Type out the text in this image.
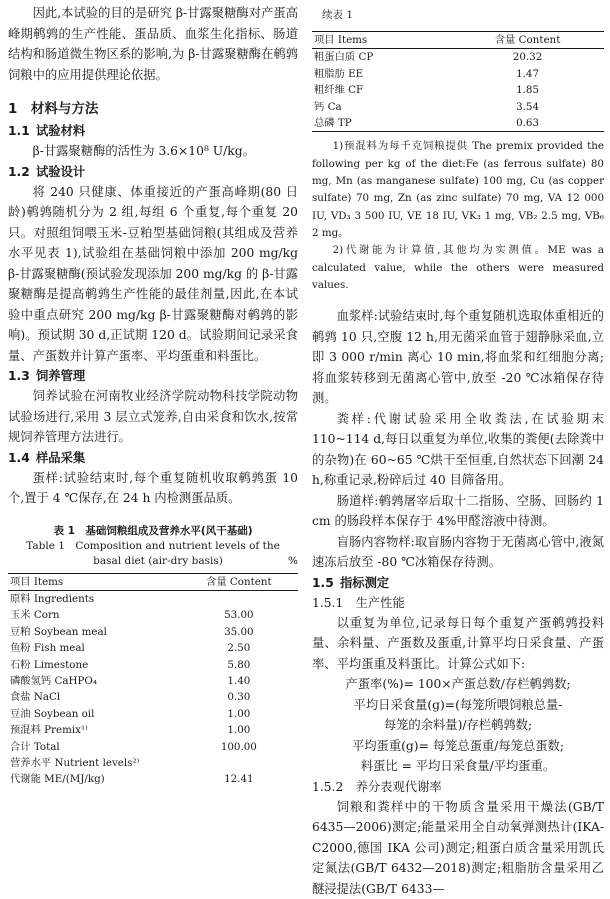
因此,本试验的目的是研究 β-甘露聚糖酶对产蛋高峰期鹌鹑的生产性能、蛋品质、血浆生化指标、肠道结构和肠道微生物区系的影响,为 β-甘露聚糖酶在鹌鹑饲粮中的应用提供理论依据。
1　材料与方法
1.1 试验材料
β-甘露聚糖酶的活性为 3.6×10⁸ U/kg。
1.2 试验设计
将 240 只健康、体重接近的产蛋高峰期(80 日龄)鹌鹑随机分为 2 组,每组 6 个重复,每个重复 20 只。对照组饲喂玉米-豆粕型基础饲粮(其组成及营养水平见表 1),试验组在基础饲粮中添加 200 mg/kg β-甘露聚糖酶(预试验发现添加 200 mg/kg 的 β-甘露聚糖酶是提高鹌鹑生产性能的最佳剂量,因此,在本试验中重点研究 200 mg/kg β-甘露聚糖酶对鹌鹑的影响)。预试期 30 d,正试期 120 d。试验期间记录采食量、产蛋数并计算产蛋率、平均蛋重和料蛋比。
1.3 饲养管理
饲养试验在河南牧业经济学院动物科技学院动物试验场进行,采用 3 层立式笼养,自由采食和饮水,按常规饲养管理方法进行。
1.4 样品采集
蛋样:试验结束时,每个重复随机收取鹌鹑蛋 10 个,置于 4 ℃保存,在 24 h 内检测蛋品质。
表 1　基础饲粮组成及营养水平(风干基础)
Table 1　Composition and nutrient levels of the
basal diet (air-dry basis)	%
项目 Items	含量 Content
原料 Ingredients	
玉米 Corn	53.00
豆粕 Soybean meal	35.00
鱼粉 Fish meal	2.50
石粉 Limestone	5.80
磷酸氢钙 CaHPO₄	1.40
食盐 NaCl	0.30
豆油 Soybean oil	1.00
预混料 Premix¹⁾	1.00
合计 Total	100.00
营养水平 Nutrient levels²⁾	
代谢能 ME/(MJ/kg)	12.41
续表 1
项目 Items	含量 Content
粗蛋白质 CP	20.32
粗脂肪 EE	1.47
粗纤维 CF	1.85
钙 Ca	3.54
总磷 TP	0.63
1)预混料为每千克饲粮提供 The premix provided the following per kg of the diet:Fe (as ferrous sulfate) 80 mg, Mn (as manganese sulfate) 100 mg, Cu (as copper sulfate) 70 mg, Zn (as zinc sulfate) 70 mg, VA 12 000 IU, VD₃ 3 500 IU, VE 18 IU, VK₃ 1 mg, VB₂ 2.5 mg, VB₆ 2 mg。
2)代谢能为计算值,其他均为实测值。ME was a calculated value, while the others were measured values.
血浆样:试验结束时,每个重复随机选取体重相近的鹌鹑 10 只,空腹 12 h,用无菌采血管于翅静脉采血,立即 3 000 r/min 离心 10 min,将血浆和红细胞分离;将血浆转移到无菌离心管中,放至 -20 ℃冰箱保存待测。
粪样:代谢试验采用全收粪法,在试验期末 110~114 d,每日以重复为单位,收集的粪便(去除粪中的杂物)在 60~65 ℃烘干至恒重,自然状态下回潮 24 h,称重记录,粉碎后过 40 目筛备用。
肠道样:鹌鹑屠宰后取十二指肠、空肠、回肠约 1 cm 的肠段样本保存于 4%甲醛溶液中待测。
盲肠内容物样:取盲肠内容物于无菌离心管中,液氮速冻后放至 -80 ℃冰箱保存待测。
1.5 指标测定
1.5.1　生产性能
以重复为单位,记录每日每个重复产蛋鹌鹑投料量、余料量、产蛋数及蛋重,计算平均日采食量、产蛋率、平均蛋重及料蛋比。计算公式如下:
产蛋率(%)= 100×产蛋总数/存栏鹌鹑数;
平均日采食量(g)=(每笼所喂饲粮总量-
每笼的余料量)/存栏鹌鹑数;
平均蛋重(g)= 每笼总蛋重/每笼总蛋数;
料蛋比 = 平均日采食量/平均蛋重。
1.5.2　养分表观代谢率
饲粮和粪样中的干物质含量采用干燥法(GB/T 6435—2006)测定;能量采用全自动氧弹测热计(IKA-C2000,德国 IKA 公司)测定;粗蛋白质含量采用凯氏定氮法(GB/T 6432—2018)测定;粗脂肪含量采用乙醚浸提法(GB/T 6433—
